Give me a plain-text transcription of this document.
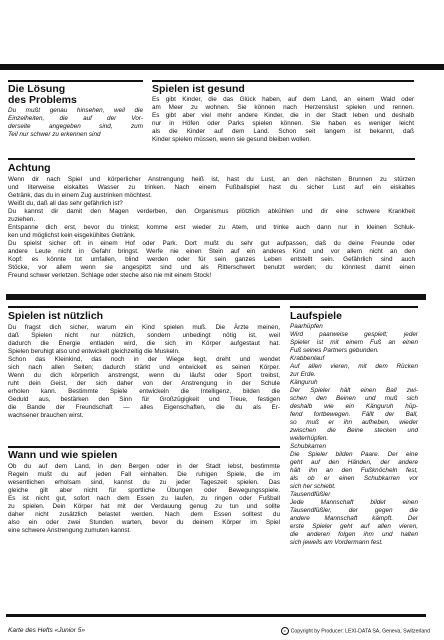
Die Lösung
des Problems

Du mußt genau hinsehen, weil die

Einzelheiten, die auf der Vor-

derseite angegeben sind, zum

Teil nur schwer zu erkennen sind

Spielen ist gesund

Es gibt Kinder, die das Glück haben, auf dem Land, an einem Wald oder

am Meer zu wohnen. Sie können nach Herzenslust spielen und rennen.

Es gibt aber viel mehr andere Kinder, die in der Stadt leben und deshalb

nur in Höfen oder Parks spielen können. Sie haben es weniger leicht

als die Kinder auf dem Land. Schon seit langem ist bekannt, daß

Kinder spielen müssen, wenn sie gesund bleiben wollen.

Achtung

Wenn dir nach Spiel und körperlicher Anstrengung heiß ist, hast du Lust, an den nächsten Brunnen zu stürzen

und literweise eiskaltes Wasser zu trinken. Nach einem Fußballspiel hast du sicher Lust auf ein eiskaltes

Getränk, das du in einem Zug austrinken möchtest.

Weißt du, daß all das sehr gefährlich ist?

Du kannst dir damit den Magen verderben, den Organismus plötzlich abkühlen und dir eine schwere Krankheit

zuziehen.

Entspanne dich erst, bevor du trinkst; komme erst wieder zu Atem, und trinke auch dann nur in kleinen Schluk-

ken und möglichst kein eisgekühltes Getränk.

Du spielst sicher oft in einem Hof oder Park. Dort mußt du sehr gut aufpassen, daß du deine Freunde oder

andere Leute nicht in Gefahr bringst. Werfe nie einen Stein auf ein anderes Kind und vor allem nicht an den

Kopf: es könnte tot umfallen, blind werden oder für sein ganzes Leben entstellt sein. Gefährlich sind auch

Stöcke, vor allem wenn sie angespitzt sind und als Ritterschwert benutzt werden; du könntest damit einen

Freund schwer verletzen. Schlage oder steche also nie mit einem Stock!

Spielen ist nützlich

Du fragst dich sicher, warum ein Kind spielen muß. Die Ärzte meinen,

daß Spielen nicht nur nützlich, sondern unbedingt nötig ist, weil

dadurch die Energie entladen wird, die sich im Körper aufgestaut hat.

Spielen beruhigt also und entwickelt gleichzeitig die Muskeln.

Schon das Kleinkind, das noch in der Wiege liegt, dreht und wendet

sich nach allen Seiten; dadurch stärkt und entwickelt es seinen Körper.

Wenn du dich körperlich anstrengst, wenn du läufst oder Sport treibst,

ruht dein Geist, der sich daher von der Anstrengung in der Schule

erholen kann. Bestimmte Spiele entwickeln die Intelligenz, bilden die

Geduld aus, bestärken den Sinn für Großzügigkeit und Treue, festigen

die Bande der Freundschaft — alles Eigenschaften, die du als Er-

wachsener brauchen wirst.

Wann und wie spielen

Ob du auf dem Land, in den Bergen oder in der Stadt lebst, bestimmte

Regeln mußt du auf jeden Fall einhalten. Die ruhigen Spiele, die im

wesentlichen erholsam sind, kannst du zu jeder Tageszeit spielen. Das

gleiche gilt aber nicht für sportliche Übungen oder Bewegungsspiele.

Es ist nicht gut, sofort nach dem Essen zu laufen, zu ringen oder Fußball

zu spielen. Dein Körper hat mit der Verdauung genug zu tun und sollte

daher nicht zusätzlich belastet werden. Nach dem Essen solltest du

also ein oder zwei Stunden warten, bevor du deinem Körper im Spiel

eine schwere Anstrengung zumuten kannst.

Laufspiele

Paarhüpfen

Wird paarweise gespielt; jeder

Spieler ist mit einem Fuß an einen

Fuß seines Partners gebunden.

Krabbenlauf

Auf allen vieren, mit dem Rücken

zur Erde.

Känguruh

Der Spieler hält einen Ball zwi-

schen den Beinen und muß sich

deshalb wie ein Känguruh hüp-

fend fortbewegen. Fällt der Ball,

so muß er ihn aufheben, wieder

zwischen die Beine stecken und

weiterhüpfen.

Schubkarren

Die Spieler bilden Paare. Der eine

geht auf den Händen, der andere

hält ihn an den Fußknöcheln fest,

als ob er einen Schubkarren vor

sich her schiebt.

Tausendfüßler

Jede Mannschaft bildet einen

Tausendfüßler, der gegen die

andere Mannschaft kämpft. Der

erste Spieler geht auf allen vieren,

die anderen folgen ihm und halten

sich jeweils am Vordermann fest.

Karte des Hefts «Junior 5»	c Copyright by Producer: LEXI-DATA SA, Geneva, Switzerland
